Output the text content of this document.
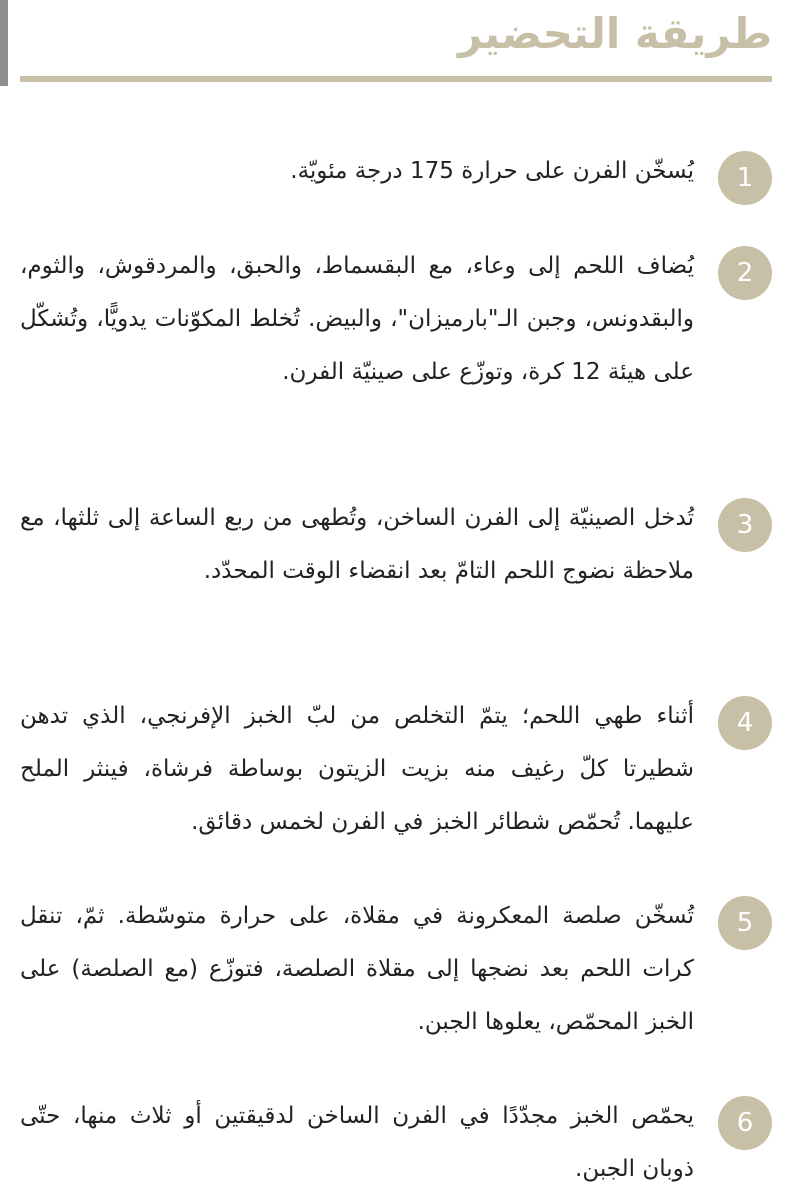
طريقة التحضير
1
يُسخّن الفرن على حرارة 175 درجة مئويّة.
2
يُضاف اللحم إلى وعاء، مع البقسماط، والحبق، والمردقوش، والثوم، والبقدونس، وجبن الـ"بارميزان"، والبيض. تُخلط المكوّنات يدويًّا، وتُشكّل على هيئة 12 كرة، وتوزّع على صينيّة الفرن.
3
تُدخل الصينيّة إلى الفرن الساخن، وتُطهى من ربع الساعة إلى ثلثها، مع ملاحظة نضوج اللحم التامّ بعد انقضاء الوقت المحدّد.
4
أثناء طهي اللحم؛ يتمّ التخلص من لبّ الخبز الإفرنجي، الذي تدهن شطيرتا كلّ رغيف منه بزيت الزيتون بوساطة فرشاة، فينثر الملح عليهما. تُحمّص شطائر الخبز في الفرن لخمس دقائق.
5
تُسخّن صلصة المعكرونة في مقلاة، على حرارة متوسّطة. ثمّ، تنقل كرات اللحم بعد نضجها إلى مقلاة الصلصة، فتوزّع (مع الصلصة) على الخبز المحمّص، يعلوها الجبن.
6
يحمّص الخبز مجدّدًا في الفرن الساخن لدقيقتين أو ثلاث منها، حتّى ذوبان الجبن.
